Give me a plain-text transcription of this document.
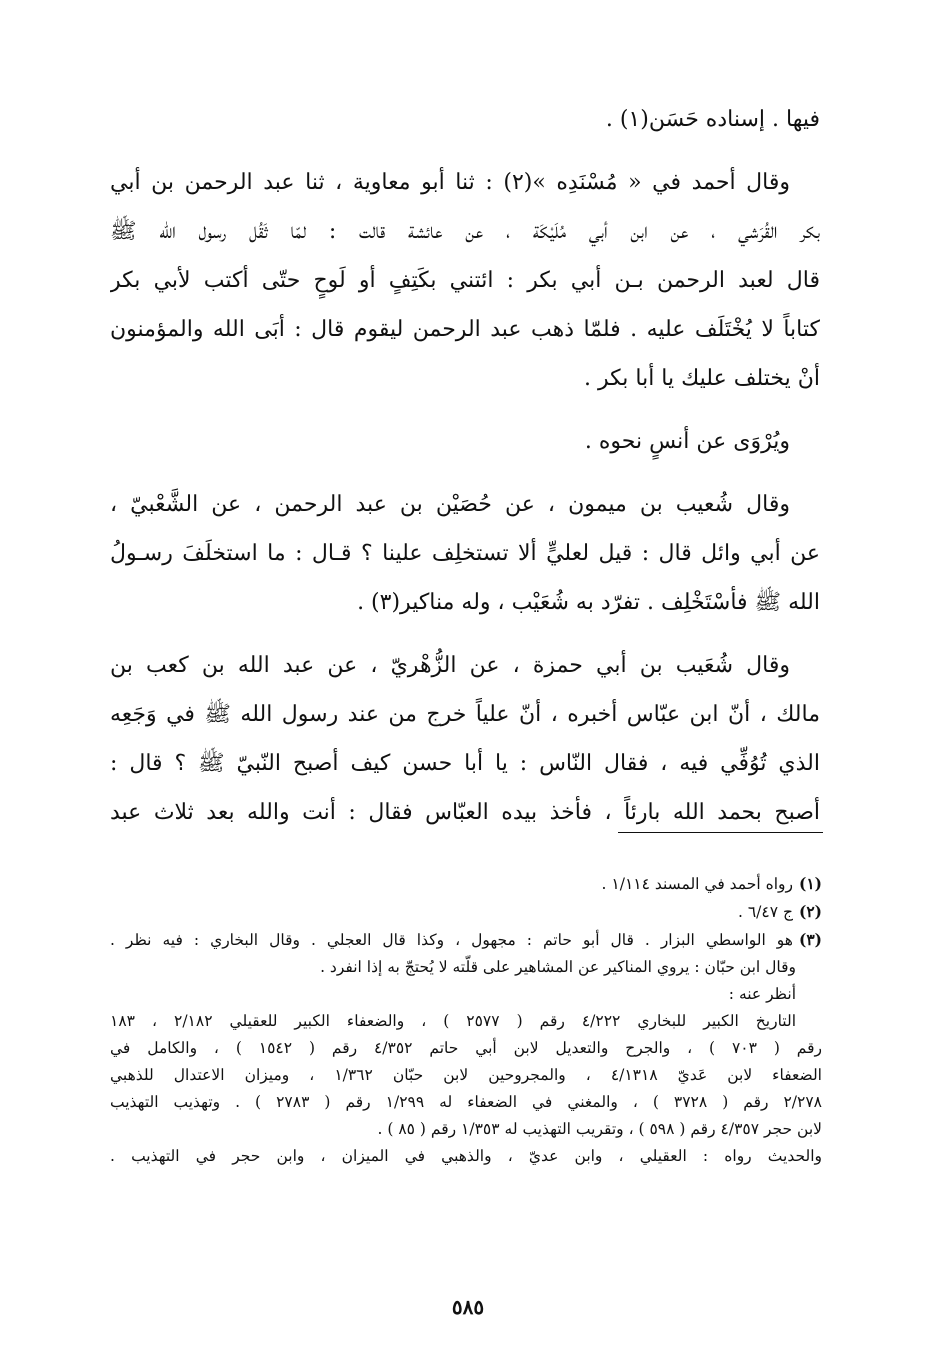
فيها . إسناده حَسَن(١) .
وقال أحمد في « مُسْنَدِه »(٢) : ثنا أبو معاوية ، ثنا عبد الرحمن بن أبي
بكر القُرَشي ، عن ابن أبي مُلَيْكَة ، عن عائشة قالت : لمّا ثَقُل رسول الله ﷺ
قال لعبد الرحمن بـن أبي بكر : ائتني بكَتِفٍ أو لَوحٍ حتّى أكتب لأبي بكر
كتاباً لا يُخْتَلَف عليه . فلمّا ذهب عبد الرحمن ليقوم قال : أبَى الله والمؤمنون
أنْ يختلف عليك يا أبا بكر .
ويُرْوَى عن أنسٍ نحوه .
وقال شُعيب بن ميمون ، عن حُصَيْن بن عبد الرحمن ، عن الشَّعْبيّ ،
عن أبي وائل قال : قيل لعليٍّ ألا تستخلِف علينا ؟ قـال : ما استخلَفَ رسـولُ
الله ﷺ فأسْتَخْلِف . تفرّد به شُعَيْب ، وله مناكير(٣) .
وقال شُعَيب بن أبي حمزة ، عن الزُّهْريّ ، عن عبد الله بن كعب بن
مالك ، أنّ ابن عبّاس أخبره ، أنّ علياً خرج من عند رسول الله ﷺ في وَجَعِه
الذي تُوُفِّي فيه ، فقال النّاس : يا أبا حسن كيف أصبح النّبيّ ﷺ ؟ قال :
أصبح بحمد الله بارئاً ، فأخذ بيده العبّاس فقال : أنت والله بعد ثلاث عبد
(١)رواه أحمد في المسند ١/١١٤ .
(٢)ج ٦/٤٧ .
(٣)هو الواسطي البزار . قال أبو حاتم : مجهول ، وكذا قال العجلي . وقال البخاري : فيه نظر .
وقال ابن حبّان : يروي المناكير عن المشاهير على قلّته لا يُحتجّ به إذا انفرد .
أنظر عنه :
التاريخ الكبير للبخاري ٤/٢٢٢ رقم ( ٢٥٧٧ ) ، والضعفاء الكبير للعقيلي ٢/١٨٢ ، ١٨٣
رقم ( ٧٠٣ ) ، والجرح والتعديل لابن أبي حاتم ٤/٣٥٢ رقم ( ١٥٤٢ ) ، والكامل في
الضعفاء لابن عَديّ ٤/١٣١٨ ، والمجروحين لابن حبّان ١/٣٦٢ ، وميزان الاعتدال للذهبي
٢/٢٧٨ رقم ( ٣٧٢٨ ) ، والمغني في الضعفاء له ١/٢٩٩ رقم ( ٢٧٨٣ ) . وتهذيب التهذيب
لابن حجر ٤/٣٥٧ رقم ( ٥٩٨ ) ، وتقريب التهذيب له ١/٣٥٣ رقم ( ٨٥ ) .
والحديث رواه : العقيلي ، وابن عديّ ، والذهبي في الميزان ، وابن حجر في التهذيب .
٥٨٥
